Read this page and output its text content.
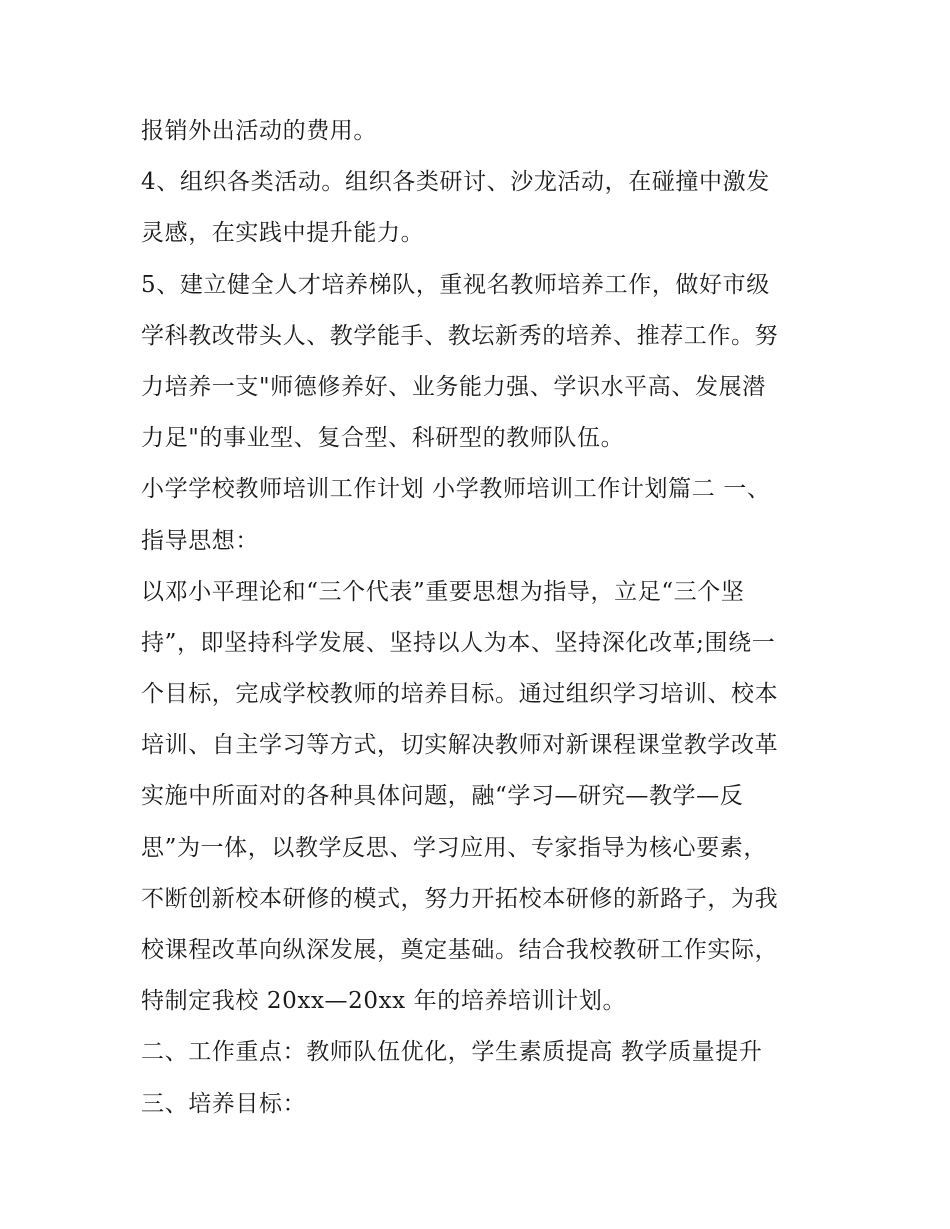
报销外出活动的费用。
4、组织各类活动。组织各类研讨、沙龙活动，在碰撞中激发
灵感，在实践中提升能力。
5、建立健全人才培养梯队，重视名教师培养工作，做好市级
学科教改带头人、教学能手、教坛新秀的培养、推荐工作。努
力培养一支"师德修养好、业务能力强、学识水平高、发展潜
力足"的事业型、复合型、科研型的教师队伍。
小学学校教师培训工作计划 小学教师培训工作计划篇二 一、
指导思想：
以邓小平理论和“三个代表”重要思想为指导，立足“三个坚
持”，即坚持科学发展、坚持以人为本、坚持深化改革;围绕一
个目标，完成学校教师的培养目标。通过组织学习培训、校本
培训、自主学习等方式，切实解决教师对新课程课堂教学改革
实施中所面对的各种具体问题，融“学习—研究—教学—反
思”为一体，以教学反思、学习应用、专家指导为核心要素，
不断创新校本研修的模式，努力开拓校本研修的新路子，为我
校课程改革向纵深发展，奠定基础。结合我校教研工作实际，
特制定我校 20xx—20xx 年的培养培训计划。
二、工作重点：教师队伍优化，学生素质提高 教学质量提升
三、培养目标：
